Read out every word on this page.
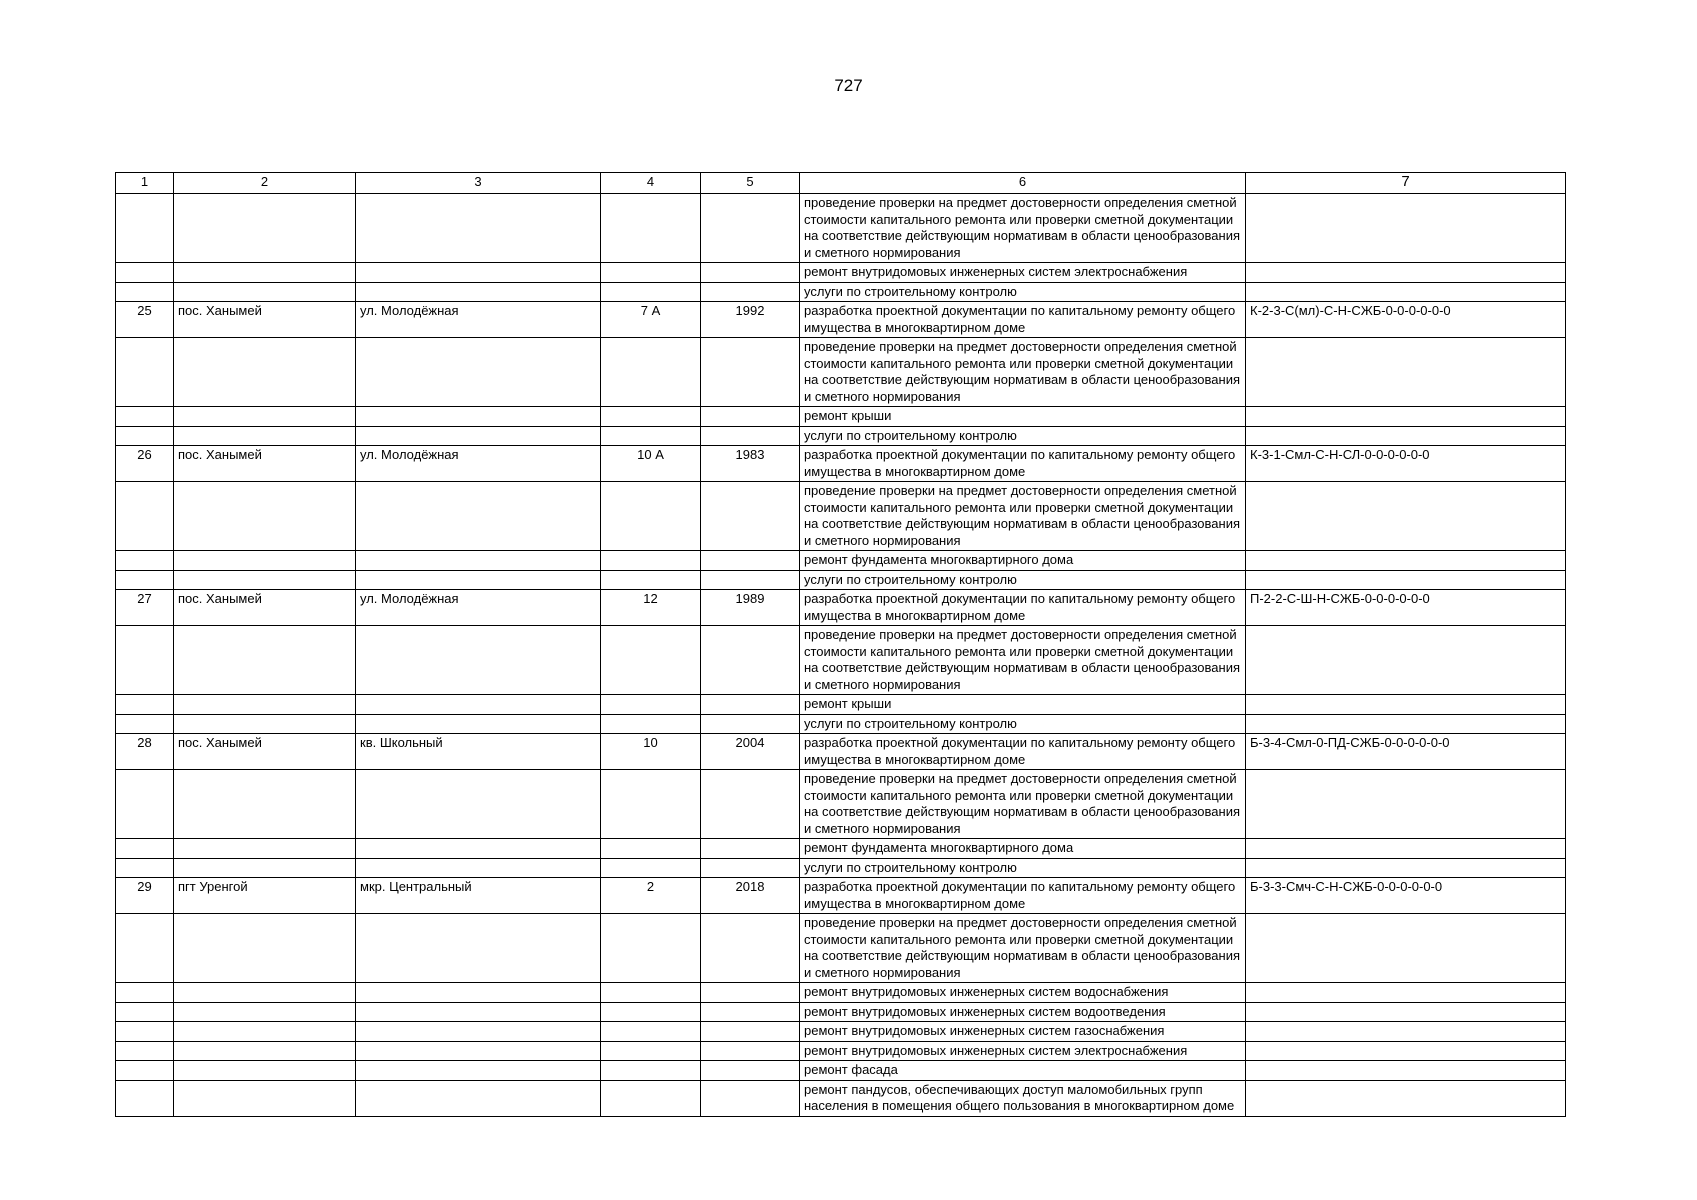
727
1	2	3	4	5	6	7
					проведение проверки на предмет достоверности определения сметной стоимости капитального ремонта или проверки сметной документации на соответствие действующим нормативам в области ценообразования и сметного нормирования	
					ремонт внутридомовых инженерных систем электроснабжения	
					услуги по строительному контролю	
25	пос. Ханымей	ул. Молодёжная	7 А	1992	разработка проектной документации по капитальному ремонту общего имущества в многоквартирном доме	К-2-3-С(мл)-С-Н-СЖБ-0-0-0-0-0-0
					проведение проверки на предмет достоверности определения сметной стоимости капитального ремонта или проверки сметной документации на соответствие действующим нормативам в области ценообразования и сметного нормирования	
					ремонт крыши	
					услуги по строительному контролю	
26	пос. Ханымей	ул. Молодёжная	10 А	1983	разработка проектной документации по капитальному ремонту общего имущества в многоквартирном доме	К-3-1-Смл-С-Н-СЛ-0-0-0-0-0-0
					проведение проверки на предмет достоверности определения сметной стоимости капитального ремонта или проверки сметной документации на соответствие действующим нормативам в области ценообразования и сметного нормирования	
					ремонт фундамента многоквартирного дома	
					услуги по строительному контролю	
27	пос. Ханымей	ул. Молодёжная	12	1989	разработка проектной документации по капитальному ремонту общего имущества в многоквартирном доме	П-2-2-С-Ш-Н-СЖБ-0-0-0-0-0-0
					проведение проверки на предмет достоверности определения сметной стоимости капитального ремонта или проверки сметной документации на соответствие действующим нормативам в области ценообразования и сметного нормирования	
					ремонт крыши	
					услуги по строительному контролю	
28	пос. Ханымей	кв. Школьный	10	2004	разработка проектной документации по капитальному ремонту общего имущества в многоквартирном доме	Б-3-4-Смл-0-ПД-СЖБ-0-0-0-0-0-0
					проведение проверки на предмет достоверности определения сметной стоимости капитального ремонта или проверки сметной документации на соответствие действующим нормативам в области ценообразования и сметного нормирования	
					ремонт фундамента многоквартирного дома	
					услуги по строительному контролю	
29	пгт Уренгой	мкр. Центральный	2	2018	разработка проектной документации по капитальному ремонту общего имущества в многоквартирном доме	Б-3-3-Смч-С-Н-СЖБ-0-0-0-0-0-0
					проведение проверки на предмет достоверности определения сметной стоимости капитального ремонта или проверки сметной документации на соответствие действующим нормативам в области ценообразования и сметного нормирования	
					ремонт внутридомовых инженерных систем водоснабжения	
					ремонт внутридомовых инженерных систем водоотведения	
					ремонт внутридомовых инженерных систем газоснабжения	
					ремонт внутридомовых инженерных систем электроснабжения	
					ремонт фасада	
					ремонт пандусов, обеспечивающих доступ маломобильных групп населения в помещения общего пользования в многоквартирном доме	
